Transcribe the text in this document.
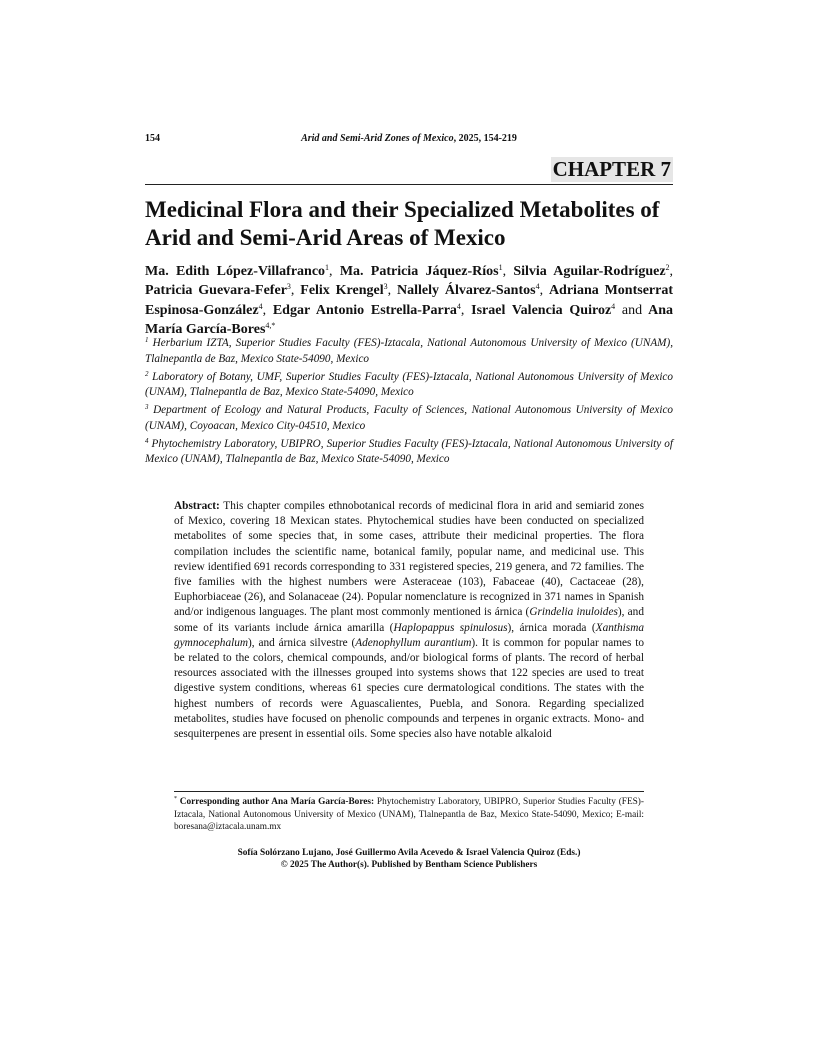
154	Arid and Semi-Arid Zones of Mexico, 2025, 154-219
CHAPTER 7
Medicinal Flora and their Specialized Metabolites of Arid and Semi-Arid Areas of Mexico

Ma. Edith López-Villafranco$^1$, Ma. Patricia Jáquez-Ríos$^1$, Silvia Aguilar-Rodríguez$^2$, Patricia Guevara-Fefer$^3$, Felix Krengel$^3$, Nallely Álvarez-Santos$^4$, Adriana Montserrat Espinosa-González$^4$, Edgar Antonio Estrella-Parra$^4$, Israel Valencia Quiroz$^4$ and Ana María García-Bores$^{4,*}$

$^1$ Herbarium IZTA, Superior Studies Faculty (FES)-Iztacala, National Autonomous University of Mexico (UNAM), Tlalnepantla de Baz, Mexico State-54090, Mexico

$^2$ Laboratory of Botany, UMF, Superior Studies Faculty (FES)-Iztacala, National Autonomous University of Mexico (UNAM), Tlalnepantla de Baz, Mexico State-54090, Mexico

$^3$ Department of Ecology and Natural Products, Faculty of Sciences, National Autonomous University of Mexico (UNAM), Coyoacan, Mexico City-04510, Mexico

$^4$ Phytochemistry Laboratory, UBIPRO, Superior Studies Faculty (FES)-Iztacala, National Autonomous University of Mexico (UNAM), Tlalnepantla de Baz, Mexico State-54090, Mexico

Abstract: This chapter compiles ethnobotanical records of medicinal flora in arid and semiarid zones of Mexico, covering 18 Mexican states. Phytochemical studies have been conducted on specialized metabolites of some species that, in some cases, attribute their medicinal properties. The flora compilation includes the scientific name, botanical family, popular name, and medicinal use. This review identified 691 records corresponding to 331 registered species, 219 genera, and 72 families. The five families with the highest numbers were Asteraceae (103), Fabaceae (40), Cactaceae (28), Euphorbiaceae (26), and Solanaceae (24). Popular nomenclature is recognized in 371 names in Spanish and/or indigenous languages. The plant most commonly mentioned is árnica (Grindelia inuloides), and some of its variants include árnica amarilla (Haplopappus spinulosus), árnica morada (Xanthisma gymnocephalum), and árnica silvestre (Adenophyllum aurantium). It is common for popular names to be related to the colors, chemical compounds, and/or biological forms of plants. The record of herbal resources associated with the illnesses grouped into systems shows that 122 species are used to treat digestive system conditions, whereas 61 species cure dermatological conditions. The states with the highest numbers of records were Aguascalientes, Puebla, and Sonora. Regarding specialized metabolites, studies have focused on phenolic compounds and terpenes in organic extracts. Mono- and sesquiterpenes are present in essential oils. Some species also have notable alkaloid

* Corresponding author Ana María García-Bores: Phytochemistry Laboratory, UBIPRO, Superior Studies Faculty (FES)-Iztacala, National Autonomous University of Mexico (UNAM), Tlalnepantla de Baz, Mexico State-54090, Mexico; E-mail: boresana@iztacala.unam.mx

Sofía Solórzano Lujano, José Guillermo Avila Acevedo & Israel Valencia Quiroz (Eds.)
© 2025 The Author(s). Published by Bentham Science Publishers
